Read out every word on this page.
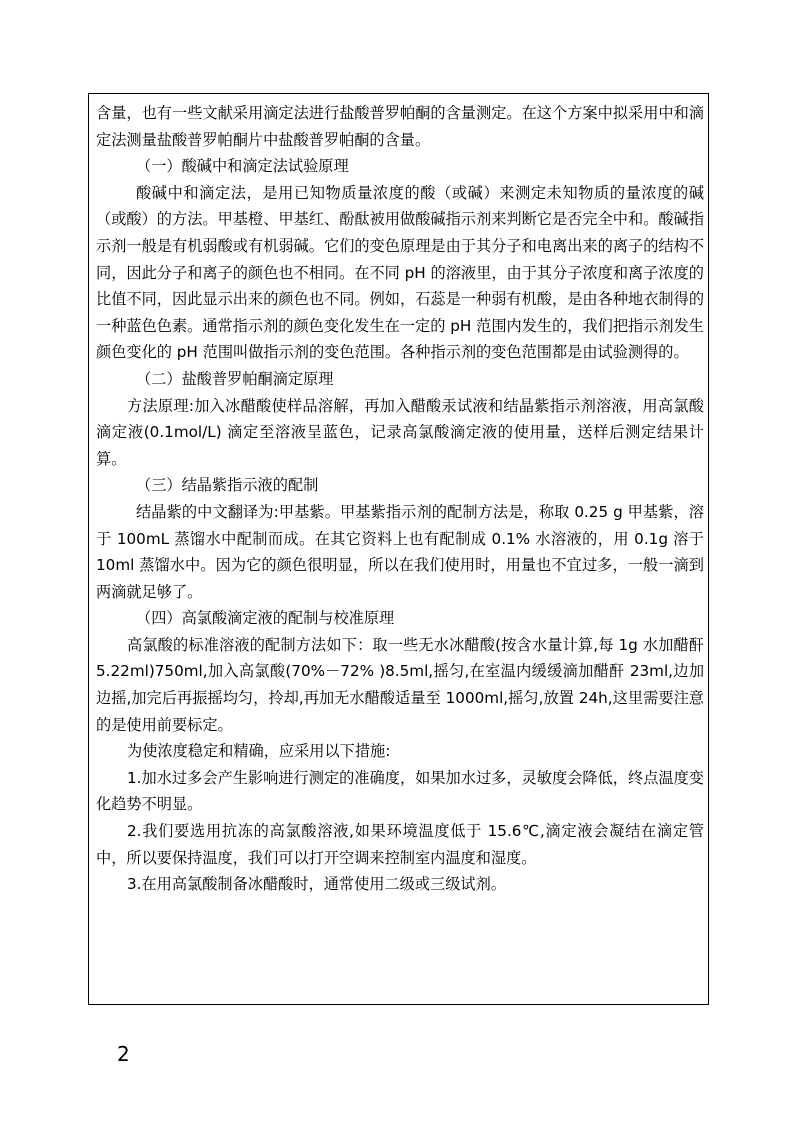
含量，也有一些文献采用滴定法进行盐酸普罗帕酮的含量测定。在这个方案中拟采用中和滴定法测量盐酸普罗帕酮片中盐酸普罗帕酮的含量。

（一）酸碱中和滴定法试验原理

酸碱中和滴定法，是用已知物质量浓度的酸（或碱）来测定未知物质的量浓度的碱（或酸）的方法。甲基橙、甲基红、酚酞被用做酸碱指示剂来判断它是否完全中和。酸碱指示剂一般是有机弱酸或有机弱碱。它们的变色原理是由于其分子和电离出来的离子的结构不同，因此分子和离子的颜色也不相同。在不同 pH 的溶液里，由于其分子浓度和离子浓度的比值不同，因此显示出来的颜色也不同。例如，石蕊是一种弱有机酸，是由各种地衣制得的一种蓝色色素。通常指示剂的颜色变化发生在一定的 pH 范围内发生的，我们把指示剂发生颜色变化的 pH 范围叫做指示剂的变色范围。各种指示剂的变色范围都是由试验测得的。

（二）盐酸普罗帕酮滴定原理

方法原理:加入冰醋酸使样品溶解，再加入醋酸汞试液和结晶紫指示剂溶液，用高氯酸滴定液(0.1mol/L) 滴定至溶液呈蓝色，记录高氯酸滴定液的使用量，送样后测定结果计算。

（三）结晶紫指示液的配制

结晶紫的中文翻译为:甲基紫。甲基紫指示剂的配制方法是，称取 0.25 g 甲基紫，溶于 100mL 蒸馏水中配制而成。在其它资料上也有配制成 0.1% 水溶液的，用 0.1g 溶于 10ml 蒸馏水中。因为它的颜色很明显，所以在我们使用时，用量也不宜过多，一般一滴到两滴就足够了。

（四）高氯酸滴定液的配制与校准原理

高氯酸的标准溶液的配制方法如下：取一些无水冰醋酸(按含水量计算,每 1g 水加醋酐 5.22ml)750ml,加入高氯酸(70%－72% )8.5ml,摇匀,在室温内缓缓滴加醋酐 23ml,边加边摇,加完后再振摇均匀，拎却,再加无水醋酸适量至 1000ml,摇匀,放置 24h,这里需要注意的是使用前要标定。

为使浓度稳定和精确，应采用以下措施:

1.加水过多会产生影响进行测定的准确度，如果加水过多，灵敏度会降低，终点温度变化趋势不明显。

2.我们要选用抗冻的高氯酸溶液,如果环境温度低于 15.6℃,滴定液会凝结在滴定管中，所以要保持温度，我们可以打开空调来控制室内温度和湿度。

3.在用高氯酸制备冰醋酸时，通常使用二级或三级试剂。

2
